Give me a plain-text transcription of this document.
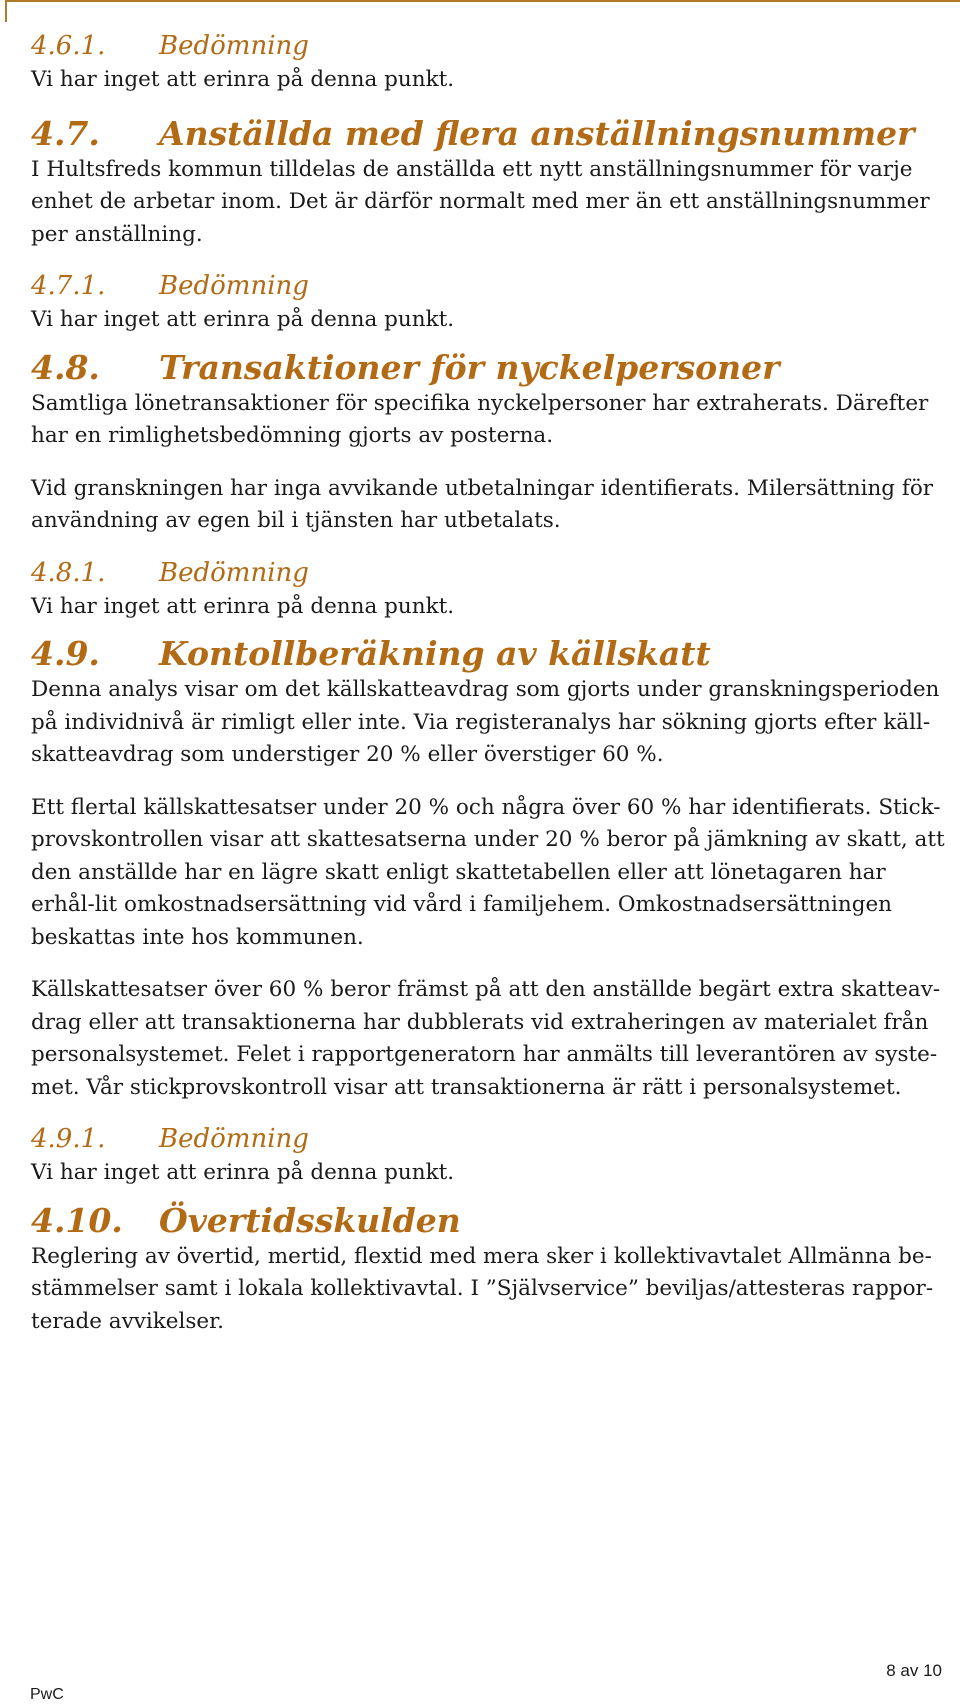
4.6.1.	Bedömning

Vi har inget att erinra på denna punkt.

4.7.	Anställda med flera anställningsnummer

I Hultsfreds kommun tilldelas de anställda ett nytt anställningsnummer för varje enhet de arbetar inom. Det är därför normalt med mer än ett anställningsnummer per anställning.

4.7.1.	Bedömning

Vi har inget att erinra på denna punkt.

4.8.	Transaktioner för nyckelpersoner

Samtliga lönetransaktioner för specifika nyckelpersoner har extraherats. Därefter har en rimlighetsbedömning gjorts av posterna.

Vid granskningen har inga avvikande utbetalningar identifierats. Milersättning för användning av egen bil i tjänsten har utbetalats.

4.8.1.	Bedömning

Vi har inget att erinra på denna punkt.

4.9.	Kontollberäkning av källskatt

Denna analys visar om det källskatteavdrag som gjorts under granskningsperioden på individnivå är rimligt eller inte. Via registeranalys har sökning gjorts efter käll-skatteavdrag som understiger 20 % eller överstiger 60 %.

Ett flertal källskattesatser under 20 % och några över 60 % har identifierats. Stick-provskontrollen visar att skattesatserna under 20 % beror på jämkning av skatt, att den anställde har en lägre skatt enligt skattetabellen eller att lönetagaren har erhål-lit omkostnadsersättning vid vård i familjehem. Omkostnadsersättningen beskattas inte hos kommunen.

Källskattesatser över 60 % beror främst på att den anställde begärt extra skatteav-drag eller att transaktionerna har dubblerats vid extraheringen av materialet från personalsystemet. Felet i rapportgeneratorn har anmälts till leverantören av syste-met. Vår stickprovskontroll visar att transaktionerna är rätt i personalsystemet.

4.9.1.	Bedömning

Vi har inget att erinra på denna punkt.

4.10.	Övertidsskulden

Reglering av övertid, mertid, flextid med mera sker i kollektivavtalet Allmänna be-stämmelser samt i lokala kollektivavtal. I ”Självservice” beviljas/attesteras rappor-terade avvikelser.

8 av 10
PwC
